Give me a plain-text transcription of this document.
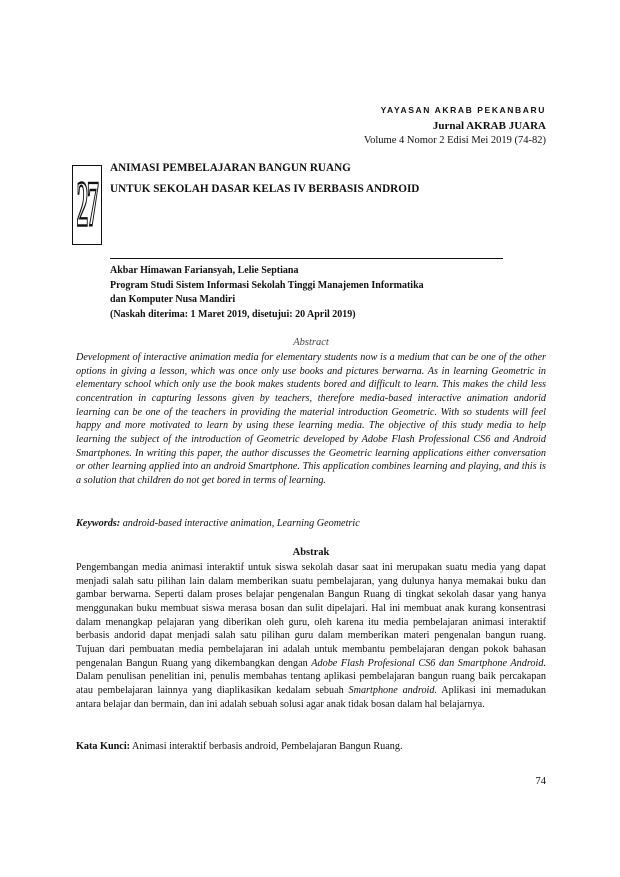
YAYASAN AKRAB PEKANBARU
Jurnal AKRAB JUARA
Volume 4 Nomor 2 Edisi Mei 2019 (74-82)
27
ANIMASI PEMBELAJARAN BANGUN RUANG
UNTUK SEKOLAH DASAR KELAS IV BERBASIS ANDROID
Akbar Himawan Fariansyah, Lelie Septiana
Program Studi Sistem Informasi Sekolah Tinggi Manajemen Informatika
dan Komputer Nusa Mandiri
(Naskah diterima: 1 Maret 2019, disetujui: 20 April 2019)
Abstract

Development of interactive animation media for elementary students now is a medium that can be one of the other options in giving a lesson, which was once only use books and pictures berwarna. As in learning Geometric in elementary school which only use the book makes students bored and difficult to learn. This makes the child less concentration in capturing lessons given by teachers, therefore media-based interactive animation andorid learning can be one of the teachers in providing the material introduction Geometric. With so students will feel happy and more motivated to learn by using these learning media. The objective of this study media to help learning the subject of the introduction of Geometric developed by Adobe Flash Professional CS6 and Android Smartphones. In writing this paper, the author discusses the Geometric learning applications either conversation or other learning applied into an android Smartphone. This application combines learning and playing, and this is a solution that children do not get bored in terms of learning.

Keywords: android-based interactive animation, Learning Geometric
Abstrak

Pengembangan media animasi interaktif untuk siswa sekolah dasar saat ini merupakan suatu media yang dapat menjadi salah satu pilihan lain dalam memberikan suatu pembelajaran, yang dulunya hanya memakai buku dan gambar berwarna. Seperti dalam proses belajar pengenalan Bangun Ruang di tingkat sekolah dasar yang hanya menggunakan buku membuat siswa merasa bosan dan sulit dipelajari. Hal ini membuat anak kurang konsentrasi dalam menangkap pelajaran yang diberikan oleh guru, oleh karena itu media pembelajaran animasi interaktif berbasis andorid dapat menjadi salah satu pilihan guru dalam memberikan materi pengenalan bangun ruang. Tujuan dari pembuatan media pembelajaran ini adalah untuk membantu pembelajaran dengan pokok bahasan pengenalan Bangun Ruang yang dikembangkan dengan Adobe Flash Profesional CS6 dan Smartphone Android. Dalam penulisan penelitian ini, penulis membahas tentang aplikasi pembelajaran bangun ruang baik percakapan atau pembelajaran lainnya yang diaplikasikan kedalam sebuah Smartphone android. Aplikasi ini memadukan antara belajar dan bermain, dan ini adalah sebuah solusi agar anak tidak bosan dalam hal belajarnya.

Kata Kunci: Animasi interaktif berbasis android, Pembelajaran Bangun Ruang.
74
